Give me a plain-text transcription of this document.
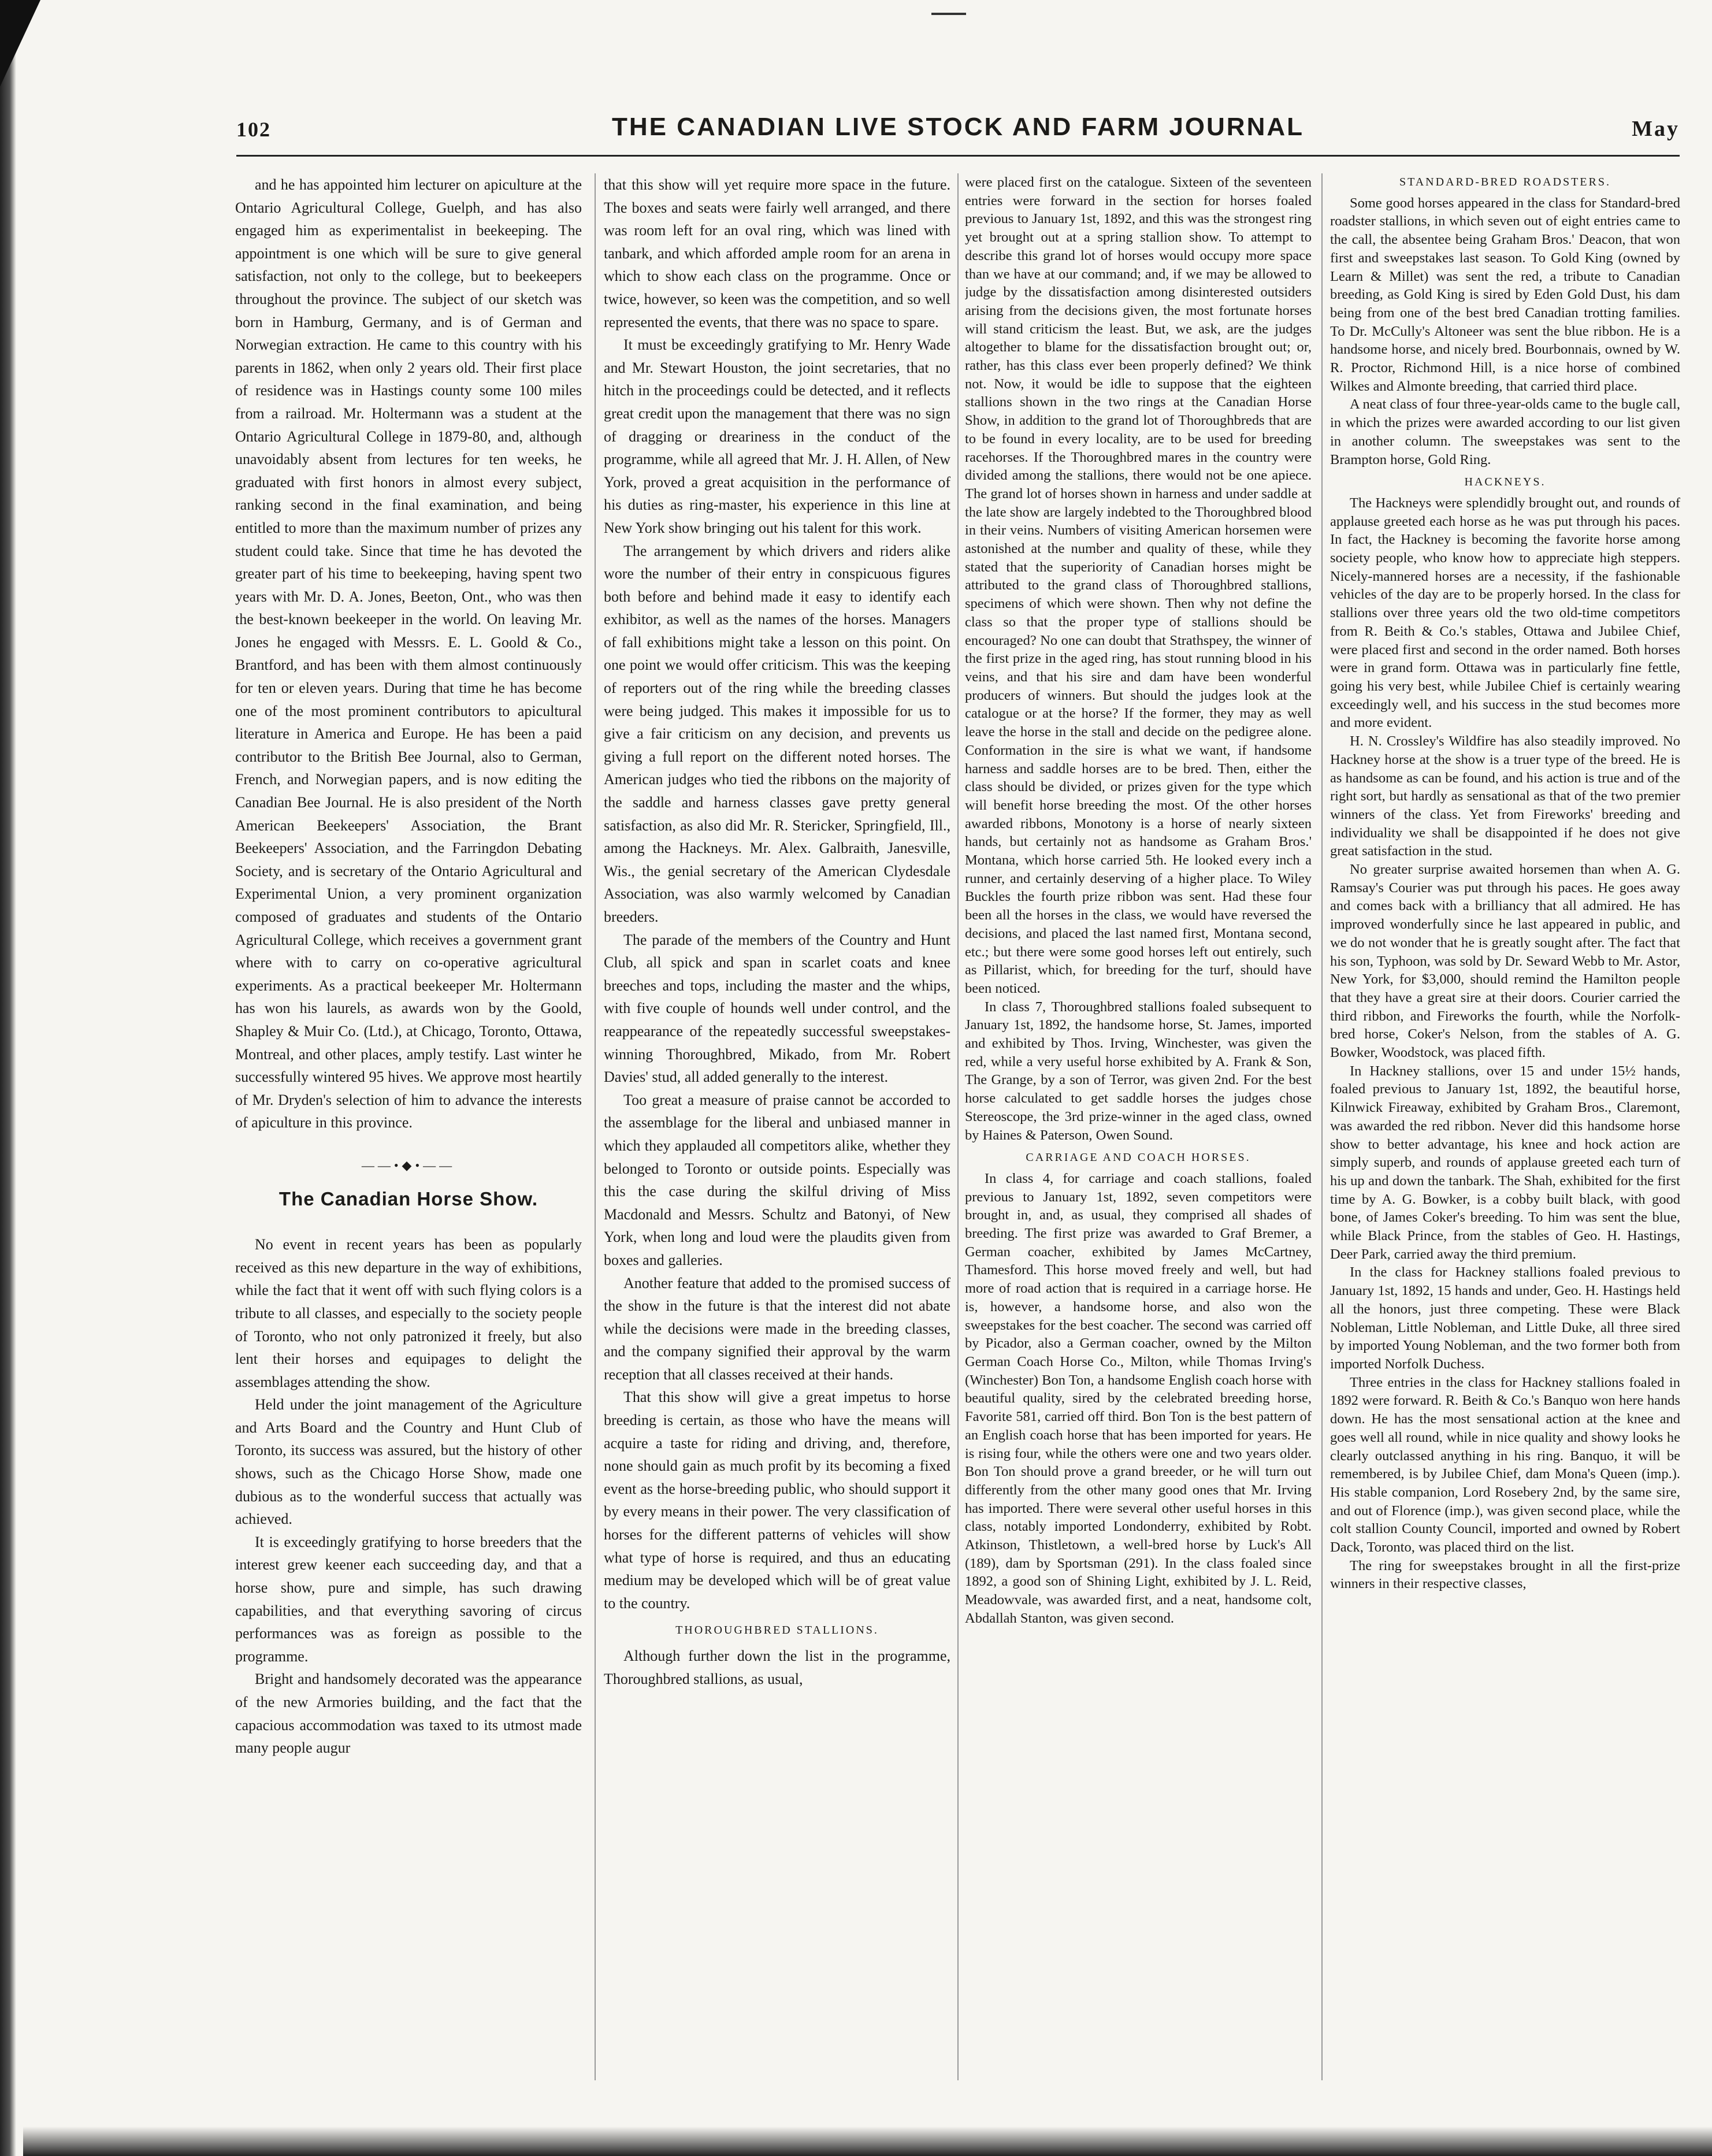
102	THE CANADIAN LIVE STOCK AND FARM JOURNAL	May

and he has appointed him lecturer on apiculture at the Ontario Agricultural College, Guelph, and has also engaged him as experimentalist in beekeeping. The appointment is one which will be sure to give general satisfaction, not only to the college, but to beekeepers throughout the province. The subject of our sketch was born in Hamburg, Germany, and is of German and Norwegian extraction. He came to this country with his parents in 1862, when only 2 years old. Their first place of residence was in Hastings county some 100 miles from a railroad. Mr. Holtermann was a student at the Ontario Agricultural College in 1879-80, and, although unavoidably absent from lectures for ten weeks, he graduated with first honors in almost every subject, ranking second in the final examination, and being entitled to more than the maximum number of prizes any student could take. Since that time he has devoted the greater part of his time to beekeeping, having spent two years with Mr. D. A. Jones, Beeton, Ont., who was then the best-known beekeeper in the world. On leaving Mr. Jones he engaged with Messrs. E. L. Goold & Co., Brantford, and has been with them almost continuously for ten or eleven years. During that time he has become one of the most prominent contributors to apicultural literature in America and Europe. He has been a paid contributor to the British Bee Journal, also to German, French, and Norwegian papers, and is now editing the Canadian Bee Journal. He is also president of the North American Beekeepers' Association, the Brant Beekeepers' Association, and the Farringdon Debating Society, and is secretary of the Ontario Agricultural and Experimental Union, a very prominent organization composed of graduates and students of the Ontario Agricultural College, which receives a government grant where with to carry on co-operative agricultural experiments. As a practical beekeeper Mr. Holtermann has won his laurels, as awards won by the Goold, Shapley & Muir Co. (Ltd.), at Chicago, Toronto, Ottawa, Montreal, and other places, amply testify. Last winter he successfully wintered 95 hives. We approve most heartily of Mr. Dryden's selection of him to advance the interests of apiculture in this province.

——•◆•——
The Canadian Horse Show.

No event in recent years has been as popularly received as this new departure in the way of exhibitions, while the fact that it went off with such flying colors is a tribute to all classes, and especially to the society people of Toronto, who not only patronized it freely, but also lent their horses and equipages to delight the assemblages attending the show.

Held under the joint management of the Agriculture and Arts Board and the Country and Hunt Club of Toronto, its success was assured, but the history of other shows, such as the Chicago Horse Show, made one dubious as to the wonderful success that actually was achieved.

It is exceedingly gratifying to horse breeders that the interest grew keener each succeeding day, and that a horse show, pure and simple, has such drawing capabilities, and that everything savoring of circus performances was as foreign as possible to the programme.

Bright and handsomely decorated was the appearance of the new Armories building, and the fact that the capacious accommodation was taxed to its utmost made many people augur

that this show will yet require more space in the future. The boxes and seats were fairly well arranged, and there was room left for an oval ring, which was lined with tanbark, and which afforded ample room for an arena in which to show each class on the programme. Once or twice, however, so keen was the competition, and so well represented the events, that there was no space to spare.

It must be exceedingly gratifying to Mr. Henry Wade and Mr. Stewart Houston, the joint secretaries, that no hitch in the proceedings could be detected, and it reflects great credit upon the management that there was no sign of dragging or dreariness in the conduct of the programme, while all agreed that Mr. J. H. Allen, of New York, proved a great acquisition in the performance of his duties as ring-master, his experience in this line at New York show bringing out his talent for this work.

The arrangement by which drivers and riders alike wore the number of their entry in conspicuous figures both before and behind made it easy to identify each exhibitor, as well as the names of the horses. Managers of fall exhibitions might take a lesson on this point. On one point we would offer criticism. This was the keeping of reporters out of the ring while the breeding classes were being judged. This makes it impossible for us to give a fair criticism on any decision, and prevents us giving a full report on the different noted horses. The American judges who tied the ribbons on the majority of the saddle and harness classes gave pretty general satisfaction, as also did Mr. R. Stericker, Springfield, Ill., among the Hackneys. Mr. Alex. Galbraith, Janesville, Wis., the genial secretary of the American Clydesdale Association, was also warmly welcomed by Canadian breeders.

The parade of the members of the Country and Hunt Club, all spick and span in scarlet coats and knee breeches and tops, including the master and the whips, with five couple of hounds well under control, and the reappearance of the repeatedly successful sweepstakes-winning Thoroughbred, Mikado, from Mr. Robert Davies' stud, all added generally to the interest.

Too great a measure of praise cannot be accorded to the assemblage for the liberal and unbiased manner in which they applauded all competitors alike, whether they belonged to Toronto or outside points. Especially was this the case during the skilful driving of Miss Macdonald and Messrs. Schultz and Batonyi, of New York, when long and loud were the plaudits given from boxes and galleries.

Another feature that added to the promised success of the show in the future is that the interest did not abate while the decisions were made in the breeding classes, and the company signified their approval by the warm reception that all classes received at their hands.

That this show will give a great impetus to horse breeding is certain, as those who have the means will acquire a taste for riding and driving, and, therefore, none should gain as much profit by its becoming a fixed event as the horse-breeding public, who should support it by every means in their power. The very classification of horses for the different patterns of vehicles will show what type of horse is required, and thus an educating medium may be developed which will be of great value to the country.

THOROUGHBRED STALLIONS.

Although further down the list in the programme, Thoroughbred stallions, as usual,

were placed first on the catalogue. Sixteen of the seventeen entries were forward in the section for horses foaled previous to January 1st, 1892, and this was the strongest ring yet brought out at a spring stallion show. To attempt to describe this grand lot of horses would occupy more space than we have at our command; and, if we may be allowed to judge by the dissatisfaction among disinterested outsiders arising from the decisions given, the most fortunate horses will stand criticism the least. But, we ask, are the judges altogether to blame for the dissatisfaction brought out; or, rather, has this class ever been properly defined? We think not. Now, it would be idle to suppose that the eighteen stallions shown in the two rings at the Canadian Horse Show, in addition to the grand lot of Thoroughbreds that are to be found in every locality, are to be used for breeding racehorses. If the Thoroughbred mares in the country were divided among the stallions, there would not be one apiece. The grand lot of horses shown in harness and under saddle at the late show are largely indebted to the Thoroughbred blood in their veins. Numbers of visiting American horsemen were astonished at the number and quality of these, while they stated that the superiority of Canadian horses might be attributed to the grand class of Thoroughbred stallions, specimens of which were shown. Then why not define the class so that the proper type of stallions should be encouraged? No one can doubt that Strathspey, the winner of the first prize in the aged ring, has stout running blood in his veins, and that his sire and dam have been wonderful producers of winners. But should the judges look at the catalogue or at the horse? If the former, they may as well leave the horse in the stall and decide on the pedigree alone. Conformation in the sire is what we want, if handsome harness and saddle horses are to be bred. Then, either the class should be divided, or prizes given for the type which will benefit horse breeding the most. Of the other horses awarded ribbons, Monotony is a horse of nearly sixteen hands, but certainly not as handsome as Graham Bros.' Montana, which horse carried 5th. He looked every inch a runner, and certainly deserving of a higher place. To Wiley Buckles the fourth prize ribbon was sent. Had these four been all the horses in the class, we would have reversed the decisions, and placed the last named first, Montana second, etc.; but there were some good horses left out entirely, such as Pillarist, which, for breeding for the turf, should have been noticed.

In class 7, Thoroughbred stallions foaled subsequent to January 1st, 1892, the handsome horse, St. James, imported and exhibited by Thos. Irving, Winchester, was given the red, while a very useful horse exhibited by A. Frank & Son, The Grange, by a son of Terror, was given 2nd. For the best horse calculated to get saddle horses the judges chose Stereoscope, the 3rd prize-winner in the aged class, owned by Haines & Paterson, Owen Sound.

CARRIAGE AND COACH HORSES.

In class 4, for carriage and coach stallions, foaled previous to January 1st, 1892, seven competitors were brought in, and, as usual, they comprised all shades of breeding. The first prize was awarded to Graf Bremer, a German coacher, exhibited by James McCartney, Thamesford. This horse moved freely and well, but had more of road action that is required in a carriage horse. He is, however, a handsome horse, and also won the sweepstakes for the best coacher. The second was carried off by Picador, also a German coacher, owned by the Milton German Coach Horse Co., Milton, while Thomas Irving's (Winchester) Bon Ton, a handsome English coach horse with beautiful quality, sired by the celebrated breeding horse, Favorite 581, carried off third. Bon Ton is the best pattern of an English coach horse that has been imported for years. He is rising four, while the others were one and two years older. Bon Ton should prove a grand breeder, or he will turn out differently from the other many good ones that Mr. Irving has imported. There were several other useful horses in this class, notably imported Londonderry, exhibited by Robt. Atkinson, Thistletown, a well-bred horse by Luck's All (189), dam by Sportsman (291). In the class foaled since 1892, a good son of Shining Light, exhibited by J. L. Reid, Meadowvale, was awarded first, and a neat, handsome colt, Abdallah Stanton, was given second.

STANDARD-BRED ROADSTERS.

Some good horses appeared in the class for Standard-bred roadster stallions, in which seven out of eight entries came to the call, the absentee being Graham Bros.' Deacon, that won first and sweepstakes last season. To Gold King (owned by Learn & Millet) was sent the red, a tribute to Canadian breeding, as Gold King is sired by Eden Gold Dust, his dam being from one of the best bred Canadian trotting families. To Dr. McCully's Altoneer was sent the blue ribbon. He is a handsome horse, and nicely bred. Bourbonnais, owned by W. R. Proctor, Richmond Hill, is a nice horse of combined Wilkes and Almonte breeding, that carried third place.

A neat class of four three-year-olds came to the bugle call, in which the prizes were awarded according to our list given in another column. The sweepstakes was sent to the Brampton horse, Gold Ring.

HACKNEYS.

The Hackneys were splendidly brought out, and rounds of applause greeted each horse as he was put through his paces. In fact, the Hackney is becoming the favorite horse among society people, who know how to appreciate high steppers. Nicely-mannered horses are a necessity, if the fashionable vehicles of the day are to be properly horsed. In the class for stallions over three years old the two old-time competitors from R. Beith & Co.'s stables, Ottawa and Jubilee Chief, were placed first and second in the order named. Both horses were in grand form. Ottawa was in particularly fine fettle, going his very best, while Jubilee Chief is certainly wearing exceedingly well, and his success in the stud becomes more and more evident.

H. N. Crossley's Wildfire has also steadily improved. No Hackney horse at the show is a truer type of the breed. He is as handsome as can be found, and his action is true and of the right sort, but hardly as sensational as that of the two premier winners of the class. Yet from Fireworks' breeding and individuality we shall be disappointed if he does not give great satisfaction in the stud.

No greater surprise awaited horsemen than when A. G. Ramsay's Courier was put through his paces. He goes away and comes back with a brilliancy that all admired. He has improved wonderfully since he last appeared in public, and we do not wonder that he is greatly sought after. The fact that his son, Typhoon, was sold by Dr. Seward Webb to Mr. Astor, New York, for $3,000, should remind the Hamilton people that they have a great sire at their doors. Courier carried the third ribbon, and Fireworks the fourth, while the Norfolk-bred horse, Coker's Nelson, from the stables of A. G. Bowker, Woodstock, was placed fifth.

In Hackney stallions, over 15 and under 15½ hands, foaled previous to January 1st, 1892, the beautiful horse, Kilnwick Fireaway, exhibited by Graham Bros., Claremont, was awarded the red ribbon. Never did this handsome horse show to better advantage, his knee and hock action are simply superb, and rounds of applause greeted each turn of his up and down the tanbark. The Shah, exhibited for the first time by A. G. Bowker, is a cobby built black, with good bone, of James Coker's breeding. To him was sent the blue, while Black Prince, from the stables of Geo. H. Hastings, Deer Park, carried away the third premium.

In the class for Hackney stallions foaled previous to January 1st, 1892, 15 hands and under, Geo. H. Hastings held all the honors, just three competing. These were Black Nobleman, Little Nobleman, and Little Duke, all three sired by imported Young Nobleman, and the two former both from imported Norfolk Duchess.

Three entries in the class for Hackney stallions foaled in 1892 were forward. R. Beith & Co.'s Banquo won here hands down. He has the most sensational action at the knee and goes well all round, while in nice quality and showy looks he clearly outclassed anything in his ring. Banquo, it will be remembered, is by Jubilee Chief, dam Mona's Queen (imp.). His stable companion, Lord Rosebery 2nd, by the same sire, and out of Florence (imp.), was given second place, while the colt stallion County Council, imported and owned by Robert Dack, Toronto, was placed third on the list.

The ring for sweepstakes brought in all the first-prize winners in their respective classes,
